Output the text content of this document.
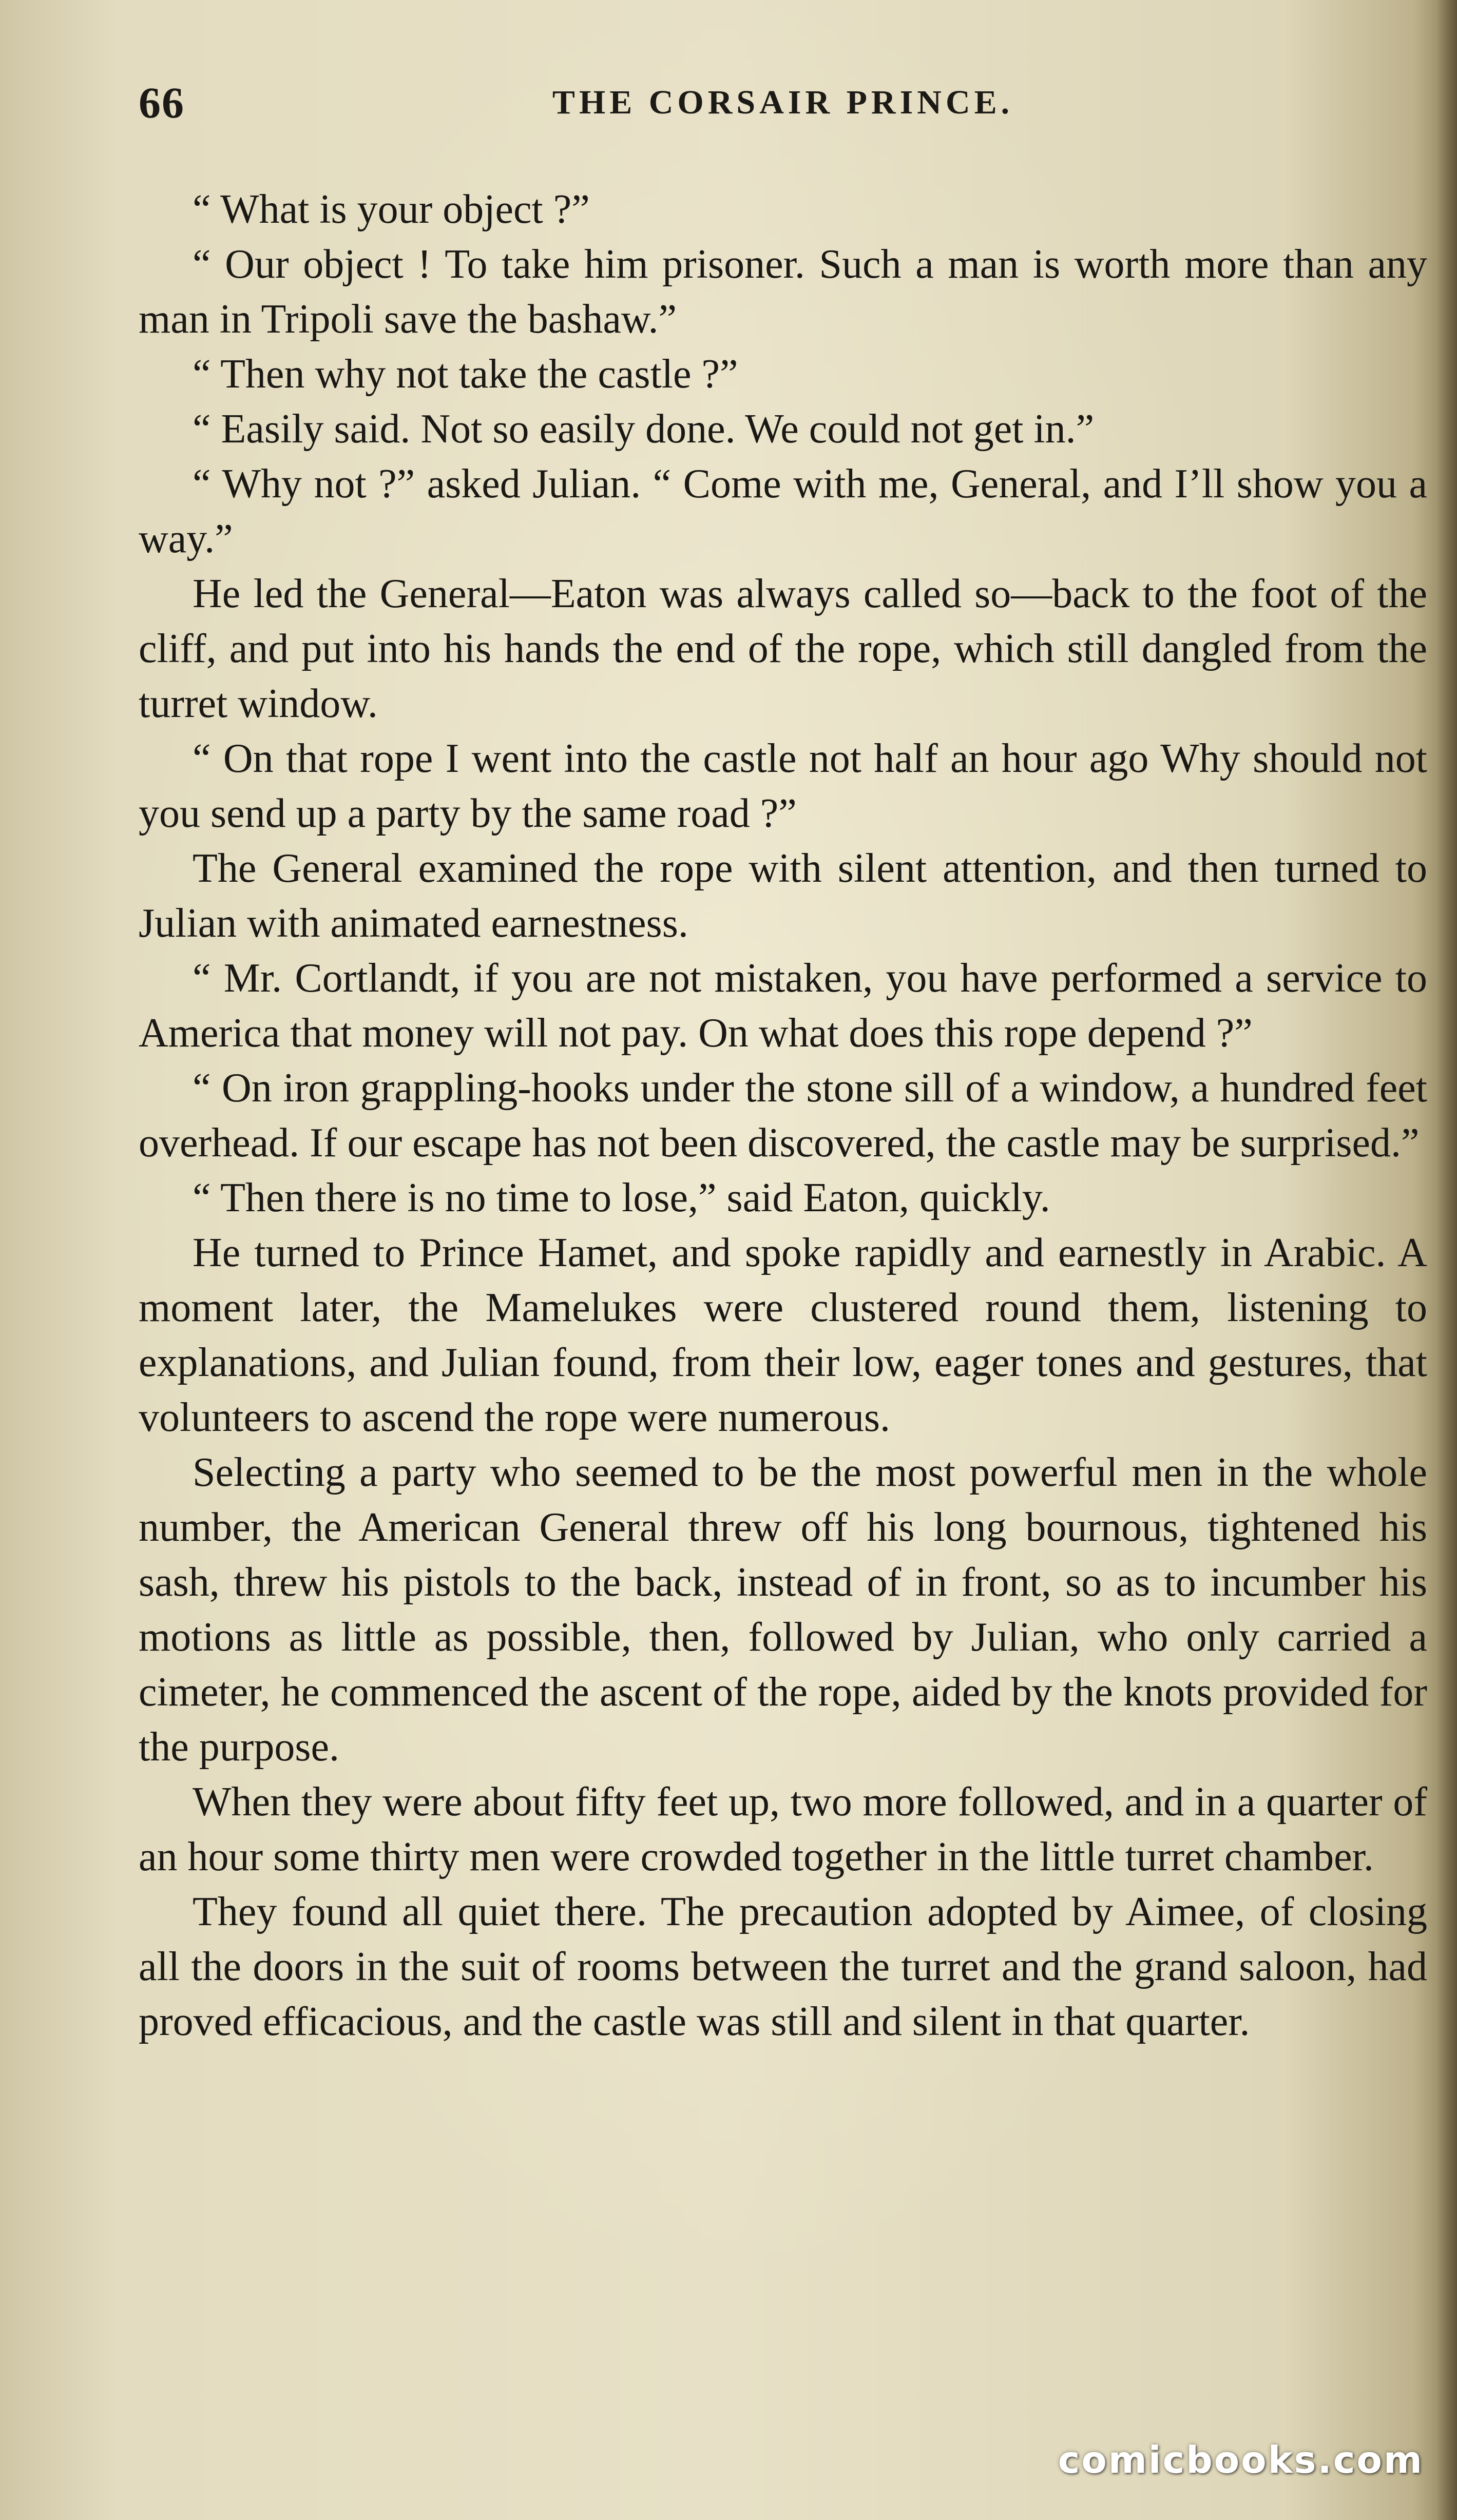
66	THE CORSAIR PRINCE.

“ What is your object ?”

“ Our object ! To take him prisoner. Such a man is worth more than any man in Tripoli save the bashaw.”

“ Then why not take the castle ?”

“ Easily said. Not so easily done. We could not get in.”

“ Why not ?” asked Julian. “ Come with me, General, and I’ll show you a way.”

He led the General—Eaton was always called so—back to the foot of the cliff, and put into his hands the end of the rope, which still dangled from the turret window.

“ On that rope I went into the castle not half an hour ago Why should not you send up a party by the same road ?”

The General examined the rope with silent attention, and then turned to Julian with animated earnestness.

“ Mr. Cortlandt, if you are not mistaken, you have performed a service to America that money will not pay. On what does this rope depend ?”

“ On iron grappling-hooks under the stone sill of a window, a hundred feet overhead. If our escape has not been discovered, the castle may be surprised.”

“ Then there is no time to lose,” said Eaton, quickly.

He turned to Prince Hamet, and spoke rapidly and earnestly in Arabic. A moment later, the Mamelukes were clustered round them, listening to explanations, and Julian found, from their low, eager tones and gestures, that volunteers to ascend the rope were numerous.

Selecting a party who seemed to be the most powerful men in the whole number, the American General threw off his long bournous, tightened his sash, threw his pistols to the back, instead of in front, so as to incumber his motions as little as possible, then, followed by Julian, who only carried a cimeter, he commenced the ascent of the rope, aided by the knots provided for the purpose.

When they were about fifty feet up, two more followed, and in a quarter of an hour some thirty men were crowded together in the little turret chamber.

They found all quiet there. The precaution adopted by Aimee, of closing all the doors in the suit of rooms between the turret and the grand saloon, had proved efficacious, and the castle was still and silent in that quarter.

comicbooks.com
